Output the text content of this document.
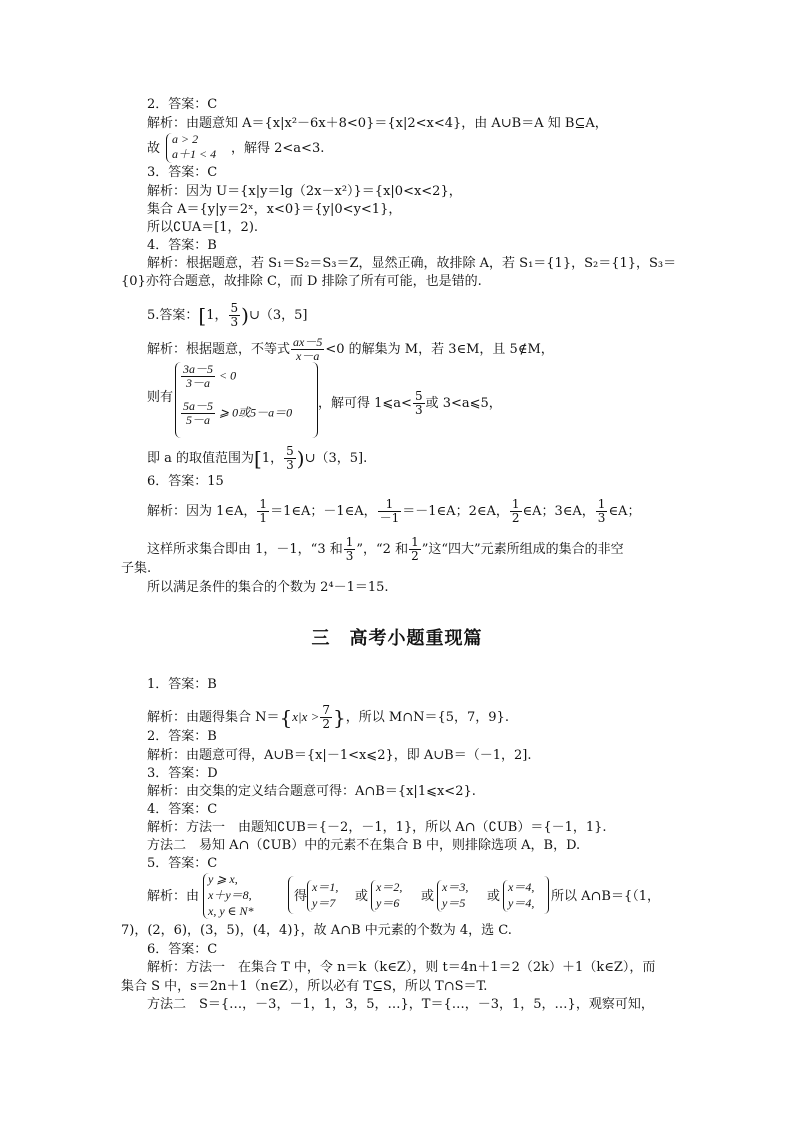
2．答案：C
解析：由题意知 A＝{x|x²－6x＋8<0}＝{x|2<x<4}，由 A∪B＝A 知 B⊆A，
故
a > 2
a＋1 < 4 ，解得 2<a<3.
3．答案：C
解析：因为 U＝{x|y＝lg（2x－x²）}＝{x|0<x<2}，
集合 A＝{y|y＝2ˣ，x<0}＝{y|0<y<1}，
所以∁UA＝[1，2).
4．答案：B
解析：根据题意，若 S₁＝S₂＝S₃＝Z，显然正确，故排除 A，若 S₁＝{1}，S₂＝{1}，S₃＝
{0}亦符合题意，故排除 C，而 D 排除了所有可能，也是错的.
5.答案：[1， $\frac{5}{3}$ )∪（3，5]
解析：根据题意，不等式 $\frac{ax-5}{x-a} <0$ 的解集为 M，若 3∈M，且 5∉M，
则有
$\frac{3a-5}{3-a} < 0$
$\frac{5a-5}{5-a}$ ⩾ 0或5－a＝0
，解可得 1⩽a< $\frac{5}{3}$ 或 3<a⩽5，
即 a 的取值范围为[1， $\frac{5}{3}$ )∪（3，5].
6．答案：15
解析：因为 1∈A， $\frac{1}{1}$ ＝1∈A；－1∈A， $\frac{1}{-1}$ ＝－1∈A；2∈A， $\frac{1}{2}$ ∈A；3∈A， $\frac{1}{3}$ ∈A；
这样所求集合即由 1，－1，“3 和 $\frac{1}{3}$ ”，“2 和 $\frac{1}{2}$ ”这“四大”元素所组成的集合的非空
子集.
所以满足条件的集合的个数为 2⁴－1＝15.
三　高考小题重现篇
1．答案：B
解析：由题得集合 $N=\{x|x > \frac{7}{2}$ }，所以 M∩N＝{5，7，9}.
2．答案：B
解析：由题意可得，A∪B＝{x|－1<x⩽2}，即 A∪B＝（－1，2].
3．答案：D
解析：由交集的定义结合题意可得：A∩B＝{x|1⩽x<2}.
4．答案：C
解析：方法一　由题知∁UB＝{－2，－1，1}，所以 A∩（∁UB）＝{－1，1}.
方法二　易知 A∩（∁UB）中的元素不在集合 B 中，则排除选项 A，B，D.
5．答案：C
解析：由
y ⩾ x,
x＋y＝8,
x, y ∈ N*
得
x＝1,
y＝7 或
x＝2,
y＝6 或
x＝3,
y＝5 或
x＝4,
y＝4, 所以 A∩B＝{（1，
7)，(2，6)，(3，5)，(4，4)}，故 A∩B 中元素的个数为 4，选 C.
6．答案：C
解析：方法一　在集合 T 中，令 n＝k（k∈Z），则 t＝4n＋1＝2（2k）＋1（k∈Z），而
集合 S 中，s＝2n＋1（n∈Z），所以必有 T⊆S，所以 T∩S＝T.
方法二　S＝{…，－3，－1，1，3，5，…}，T＝{…，－3，1，5，…}，观察可知，
